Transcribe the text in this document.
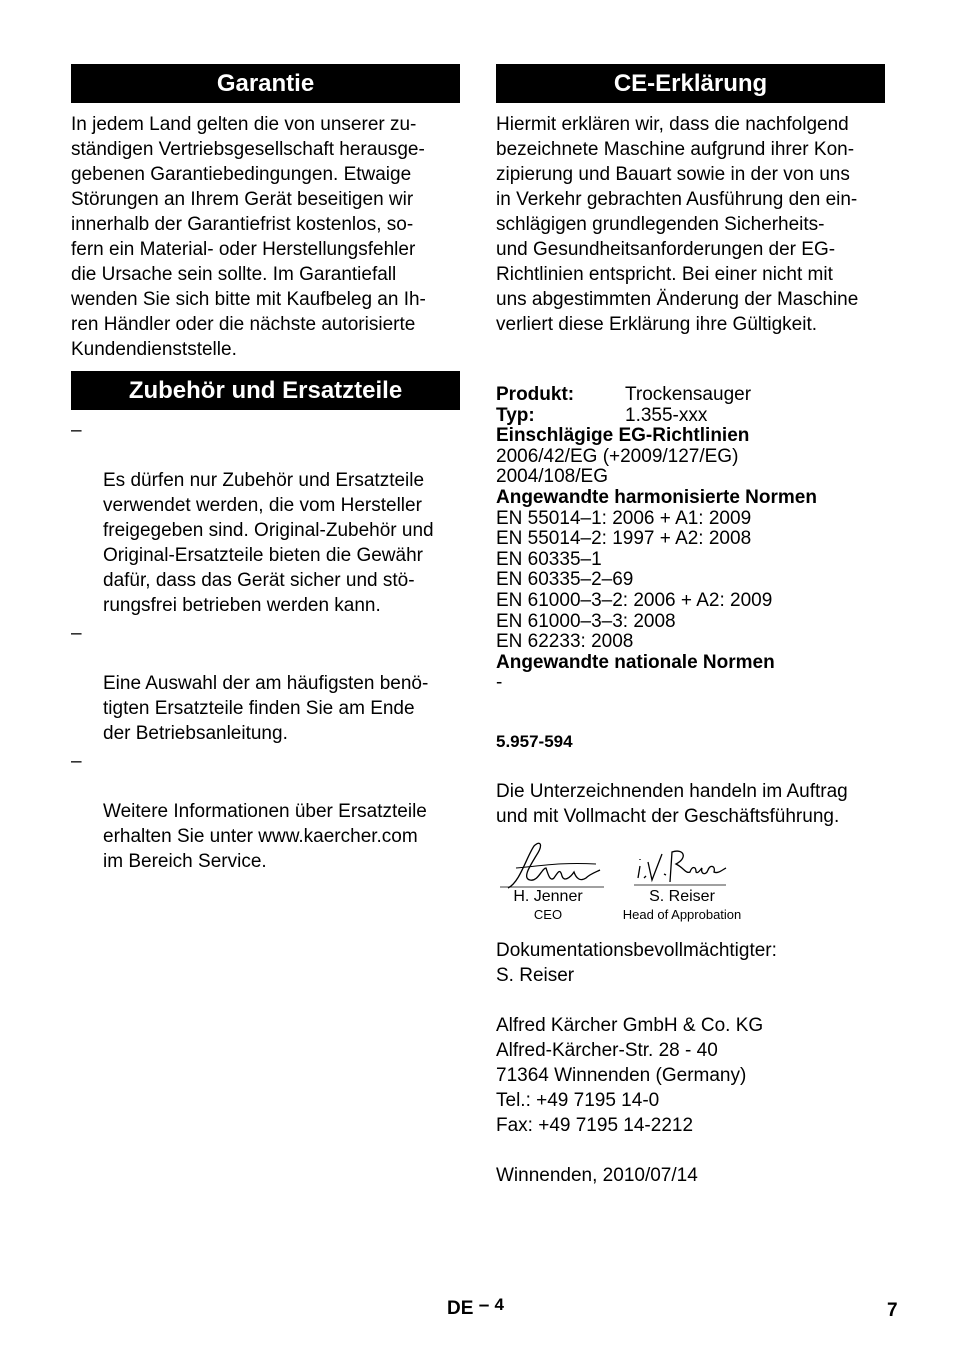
Garantie

In jedem Land gelten die von unserer zu-
ständigen Vertriebsgesellschaft herausge-
gebenen Garantiebedingungen. Etwaige
Störungen an Ihrem Gerät beseitigen wir
innerhalb der Garantiefrist kostenlos, so-
fern ein Material- oder Herstellungsfehler
die Ursache sein sollte. Im Garantiefall
wenden Sie sich bitte mit Kaufbeleg an Ih-
ren Händler oder die nächste autorisierte
Kundendienststelle.

Zubehör und Ersatzteile

–

Es dürfen nur Zubehör und Ersatzteile
verwendet werden, die vom Hersteller
freigegeben sind. Original-Zubehör und
Original-Ersatzteile bieten die Gewähr
dafür, dass das Gerät sicher und stö-
rungsfrei betrieben werden kann.

–

Eine Auswahl der am häufigsten benö-
tigten Ersatzteile finden Sie am Ende
der Betriebsanleitung.

–

Weitere Informationen über Ersatzteile
erhalten Sie unter www.kaercher.com
im Bereich Service.

CE-Erklärung

Hiermit erklären wir, dass die nachfolgend
bezeichnete Maschine aufgrund ihrer Kon-
zipierung und Bauart sowie in der von uns
in Verkehr gebrachten Ausführung den ein-
schlägigen grundlegenden Sicherheits-
und Gesundheitsanforderungen der EG-
Richtlinien entspricht. Bei einer nicht mit
uns abgestimmten Änderung der Maschine
verliert diese Erklärung ihre Gültigkeit.

Produkt:	Trockensauger
Typ:	1.355-xxx
Einschlägige EG-Richtlinien
2006/42/EG (+2009/127/EG)
2004/108/EG
Angewandte harmonisierte Normen
EN 55014–1: 2006 + A1: 2009
EN 55014–2: 1997 + A2: 2008
EN 60335–1
EN 60335–2–69
EN 61000–3–2: 2006 + A2: 2009
EN 61000–3–3: 2008
EN 62233: 2008
Angewandte nationale Normen
-
5.957-594
Die Unterzeichnenden handeln im Auftrag
und mit Vollmacht der Geschäftsführung.
i.V. Reiser
H. Jenner
CEO
S. Reiser
Head of Approbation
Dokumentationsbevollmächtigter:
S. Reiser
Alfred Kärcher GmbH & Co. KG
Alfred-Kärcher-Str. 28 - 40
71364 Winnenden (Germany)
Tel.: +49 7195 14-0
Fax: +49 7195 14-2212
Winnenden, 2010/07/14
DE – 4	7
